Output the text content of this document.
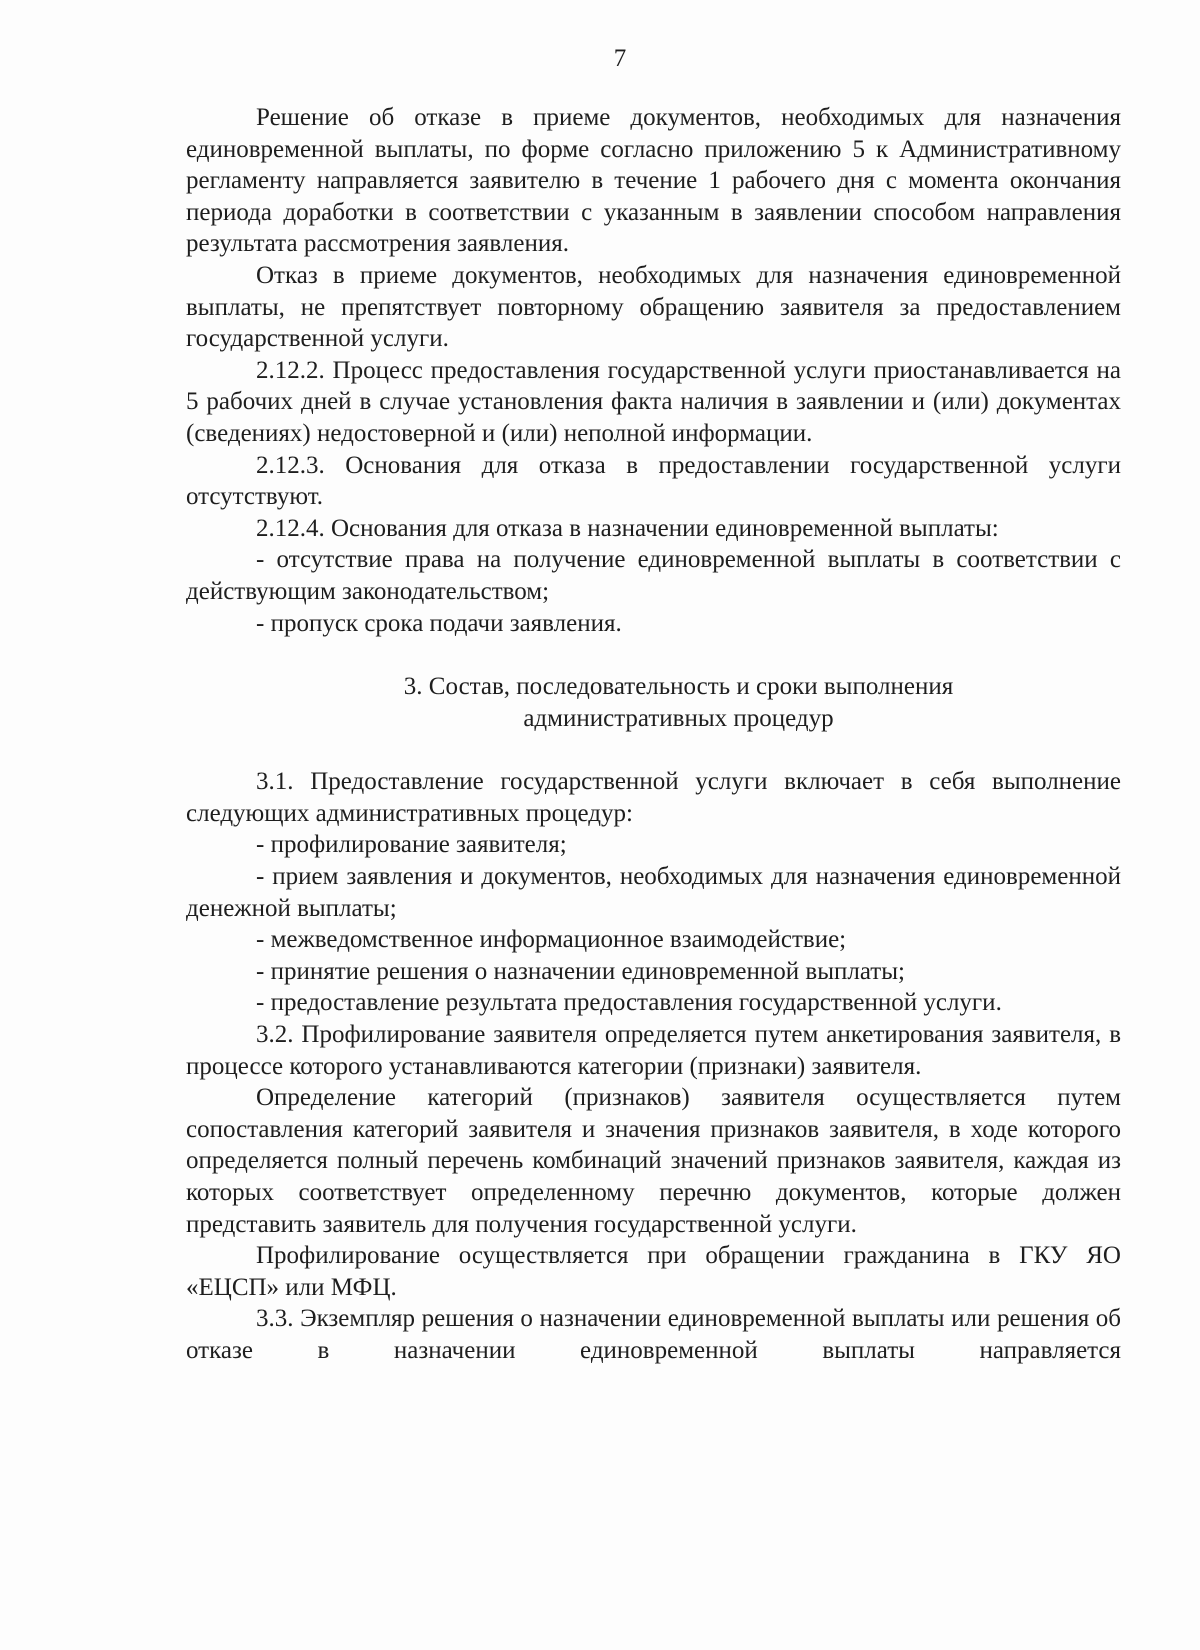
7

Решение об отказе в приеме документов, необходимых для назначения единовременной выплаты, по форме согласно приложению 5 к Административному регламенту направляется заявителю в течение 1 рабочего дня с момента окончания периода доработки в соответствии с указанным в заявлении способом направления результата рассмотрения заявления.

Отказ в приеме документов, необходимых для назначения единовременной выплаты, не препятствует повторному обращению заявителя за предоставлением государственной услуги.

2.12.2. Процесс предоставления государственной услуги приостанавливается на 5 рабочих дней в случае установления факта наличия в заявлении и (или) документах (сведениях) недостоверной и (или) неполной информации.

2.12.3. Основания для отказа в предоставлении государственной услуги отсутствуют.

2.12.4. Основания для отказа в назначении единовременной выплаты:

- отсутствие права на получение единовременной выплаты в соответствии с действующим законодательством;

- пропуск срока подачи заявления.

3. Состав, последовательность и сроки выполнения
административных процедур

3.1. Предоставление государственной услуги включает в себя выполнение следующих административных процедур:

- профилирование заявителя;

- прием заявления и документов, необходимых для назначения единовременной денежной выплаты;

- межведомственное информационное взаимодействие;

- принятие решения о назначении единовременной выплаты;

- предоставление результата предоставления государственной услуги.

3.2. Профилирование заявителя определяется путем анкетирования заявителя, в процессе которого устанавливаются категории (признаки) заявителя.

Определение категорий (признаков) заявителя осуществляется путем сопоставления категорий заявителя и значения признаков заявителя, в ходе которого определяется полный перечень комбинаций значений признаков заявителя, каждая из которых соответствует определенному перечню документов, которые должен представить заявитель для получения государственной услуги.

Профилирование осуществляется при обращении гражданина в ГКУ ЯО «ЕЦСП» или МФЦ.

3.3. Экземпляр решения о назначении единовременной выплаты или решения об отказе в назначении единовременной выплаты направляется
